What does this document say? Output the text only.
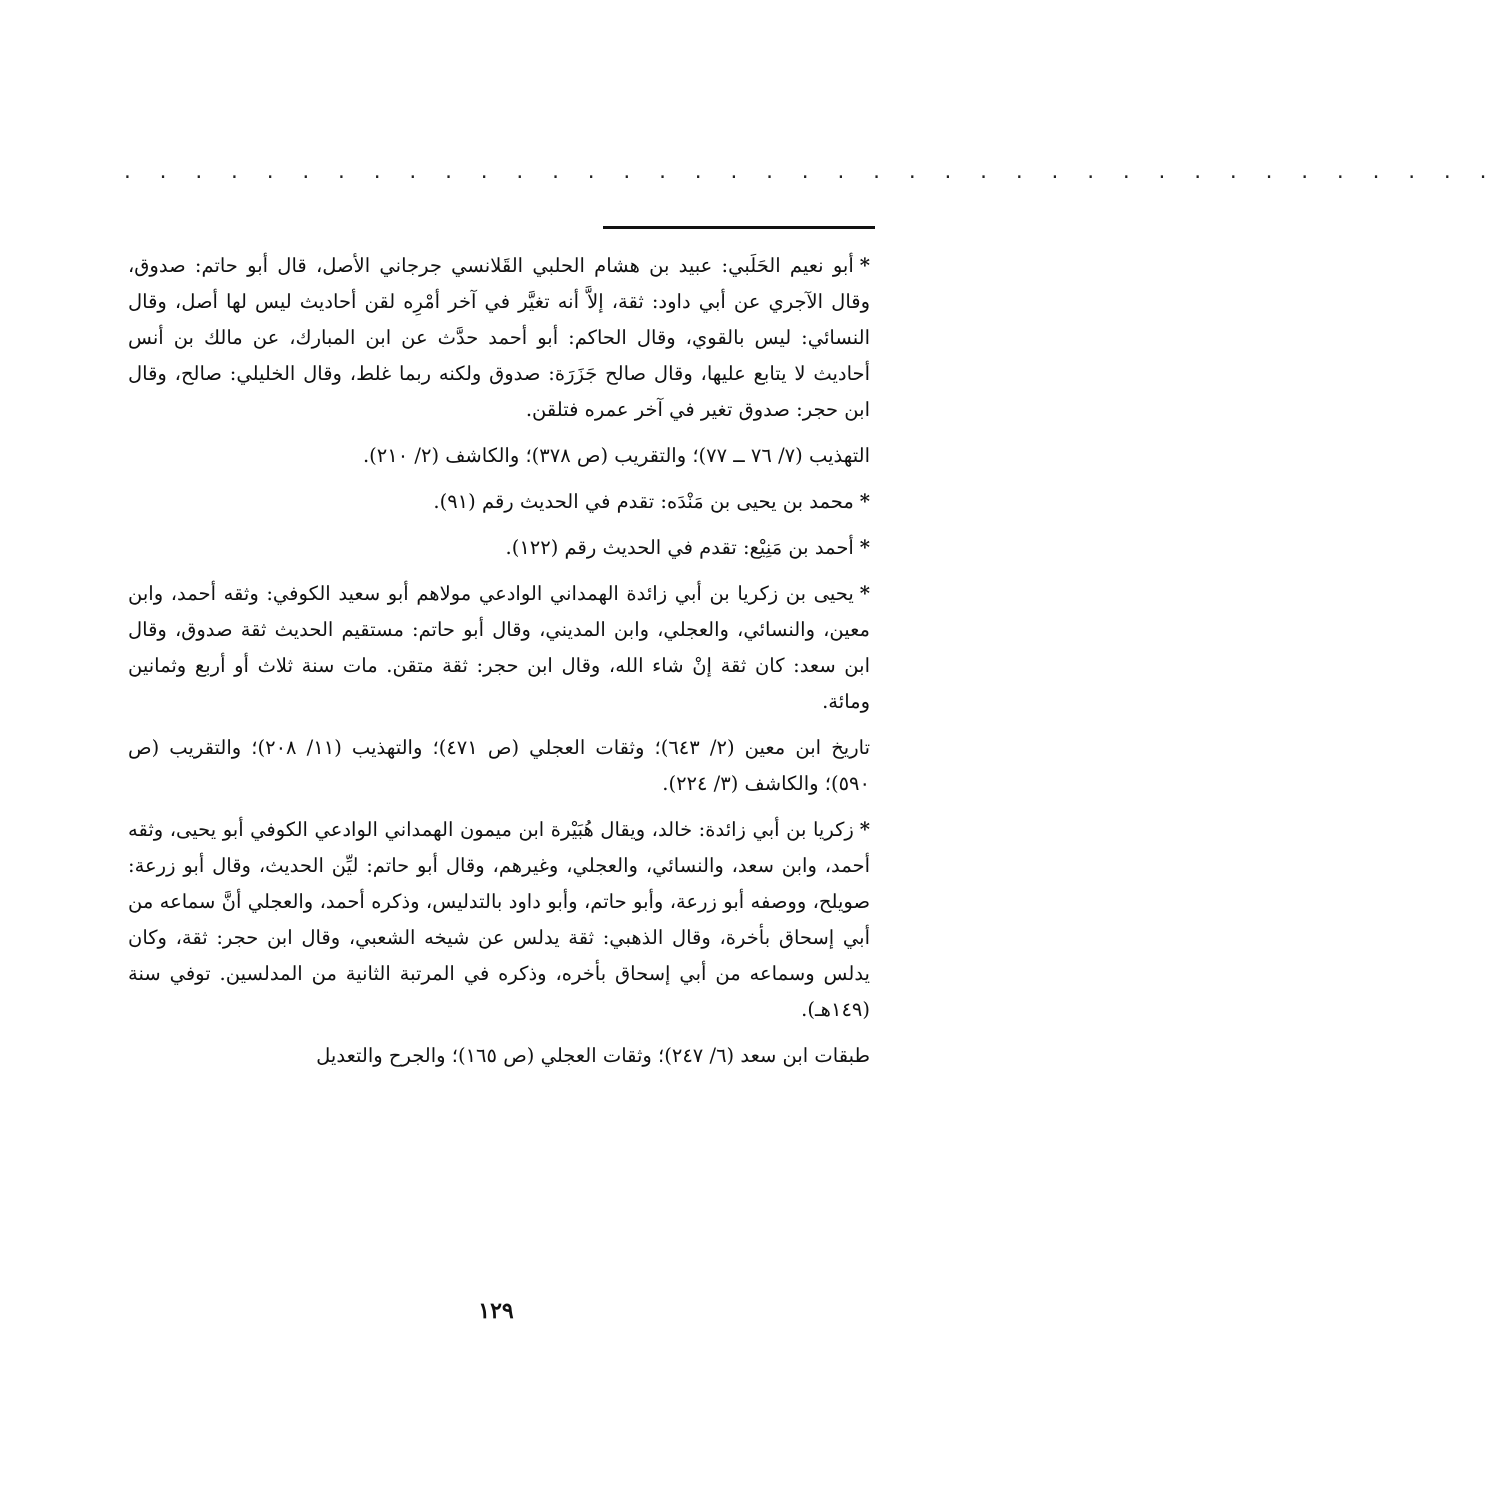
· · · · · · · · · · · · · · · · · · · · · · · · · · · · · · · · · · · · · · ·

*أبو نعيم الحَلَبي: عبيد بن هشام الحلبي القَلانسي جرجاني الأصل، قال أبو حاتم: صدوق، وقال الآجري عن أبي داود: ثقة، إلاَّ أنه تغيَّر في آخر أمْرِه لقن أحاديث ليس لها أصل، وقال النسائي: ليس بالقوي، وقال الحاكم: أبو أحمد حدَّث عن ابن المبارك، عن مالك بن أنس أحاديث لا يتابع عليها، وقال صالح جَزَرَة: صدوق ولكنه ربما غلط، وقال الخليلي: صالح، وقال ابن حجر: صدوق تغير في آخر عمره فتلقن.

التهذيب (٧/ ٧٦ ــ ٧٧)؛ والتقريب (ص ٣٧٨)؛ والكاشف (٢/ ٢١٠).

*محمد بن يحيى بن مَنْدَه: تقدم في الحديث رقم (٩١).

*أحمد بن مَنِيْع: تقدم في الحديث رقم (١٢٢).

*يحيى بن زكريا بن أبي زائدة الهمداني الوادعي مولاهم أبو سعيد الكوفي: وثقه أحمد، وابن معين، والنسائي، والعجلي، وابن المديني، وقال أبو حاتم: مستقيم الحديث ثقة صدوق، وقال ابن سعد: كان ثقة إنْ شاء الله، وقال ابن حجر: ثقة متقن. مات سنة ثلاث أو أربع وثمانين ومائة.

تاريخ ابن معين (٢/ ٦٤٣)؛ وثقات العجلي (ص ٤٧١)؛ والتهذيب (١١/ ٢٠٨)؛ والتقريب (ص ٥٩٠)؛ والكاشف (٣/ ٢٢٤).

*زكريا بن أبي زائدة: خالد، ويقال هُبَيْرة ابن ميمون الهمداني الوادعي الكوفي أبو يحيى، وثقه أحمد، وابن سعد، والنسائي، والعجلي، وغيرهم، وقال أبو حاتم: ليِّن الحديث، وقال أبو زرعة: صويلح، ووصفه أبو زرعة، وأبو حاتم، وأبو داود بالتدليس، وذكره أحمد، والعجلي أنَّ سماعه من أبي إسحاق بأخرة، وقال الذهبي: ثقة يدلس عن شيخه الشعبي، وقال ابن حجر: ثقة، وكان يدلس وسماعه من أبي إسحاق بأخره، وذكره في المرتبة الثانية من المدلسين. توفي سنة (١٤٩هـ).

طبقات ابن سعد (٦/ ٢٤٧)؛ وثقات العجلي (ص ١٦٥)؛ والجرح والتعديل

١٢٩
